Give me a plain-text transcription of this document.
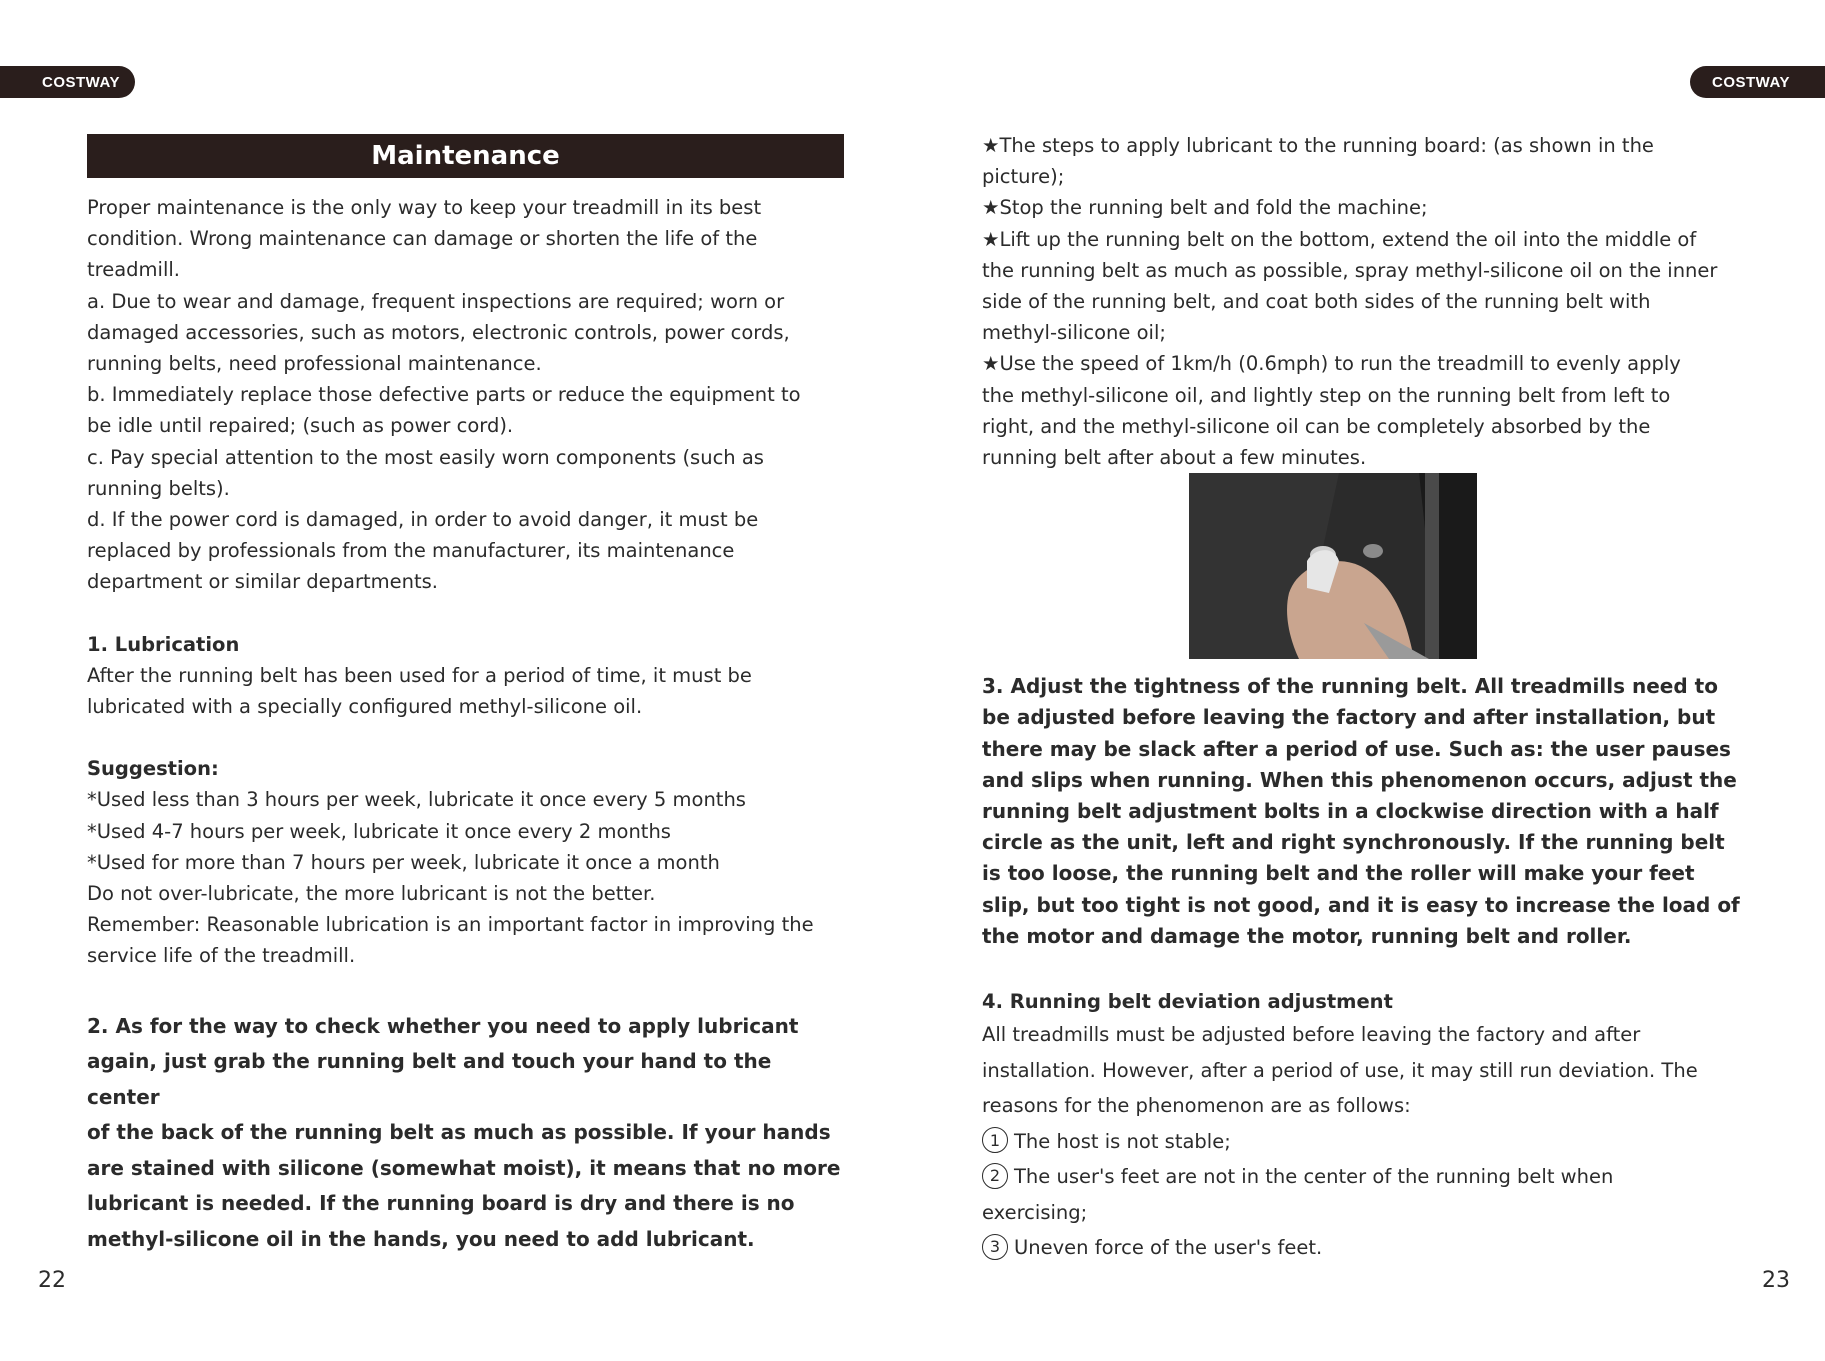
COSTWAY	COSTWAY
Maintenance

Proper maintenance is the only way to keep your treadmill in its best

condition. Wrong maintenance can damage or shorten the life of the

treadmill.

a. Due to wear and damage, frequent inspections are required; worn or

damaged accessories, such as motors, electronic controls, power cords,

running belts, need professional maintenance.

b. Immediately replace those defective parts or reduce the equipment to

be idle until repaired; (such as power cord).

c. Pay special attention to the most easily worn components (such as

running belts).

d. If the power cord is damaged, in order to avoid danger, it must be

replaced by professionals from the manufacturer, its maintenance

department or similar departments.

1. Lubrication

After the running belt has been used for a period of time, it must be

lubricated with a specially configured methyl-silicone oil.

Suggestion:

*Used less than 3 hours per week, lubricate it once every 5 months

*Used 4-7 hours per week, lubricate it once every 2 months

*Used for more than 7 hours per week, lubricate it once a month

Do not over-lubricate, the more lubricant is not the better.

Remember: Reasonable lubrication is an important factor in improving the

service life of the treadmill.

2. As for the way to check whether you need to apply lubricant

again, just grab the running belt and touch your hand to the center

of the back of the running belt as much as possible. If your hands

are stained with silicone (somewhat moist), it means that no more

lubricant is needed. If the running board is dry and there is no

methyl-silicone oil in the hands, you need to add lubricant.

★The steps to apply lubricant to the running board: (as shown in the

picture);

★Stop the running belt and fold the machine;

★Lift up the running belt on the bottom, extend the oil into the middle of

the running belt as much as possible, spray methyl-silicone oil on the inner

side of the running belt, and coat both sides of the running belt with

methyl-silicone oil;

★Use the speed of 1km/h (0.6mph) to run the treadmill to evenly apply

the methyl-silicone oil, and lightly step on the running belt from left to

right, and the methyl-silicone oil can be completely absorbed by the

running belt after about a few minutes.

3. Adjust the tightness of the running belt. All treadmills need to

be adjusted before leaving the factory and after installation, but

there may be slack after a period of use. Such as: the user pauses

and slips when running. When this phenomenon occurs, adjust the

running belt adjustment bolts in a clockwise direction with a half

circle as the unit, left and right synchronously. If the running belt

is too loose, the running belt and the roller will make your feet

slip, but too tight is not good, and it is easy to increase the load of

the motor and damage the motor, running belt and roller.

4. Running belt deviation adjustment

All treadmills must be adjusted before leaving the factory and after

installation. However, after a period of use, it may still run deviation. The

reasons for the phenomenon are as follows:

1 The host is not stable;

2 The user's feet are not in the center of the running belt when

exercising;

3 Uneven force of the user's feet.

22	23
